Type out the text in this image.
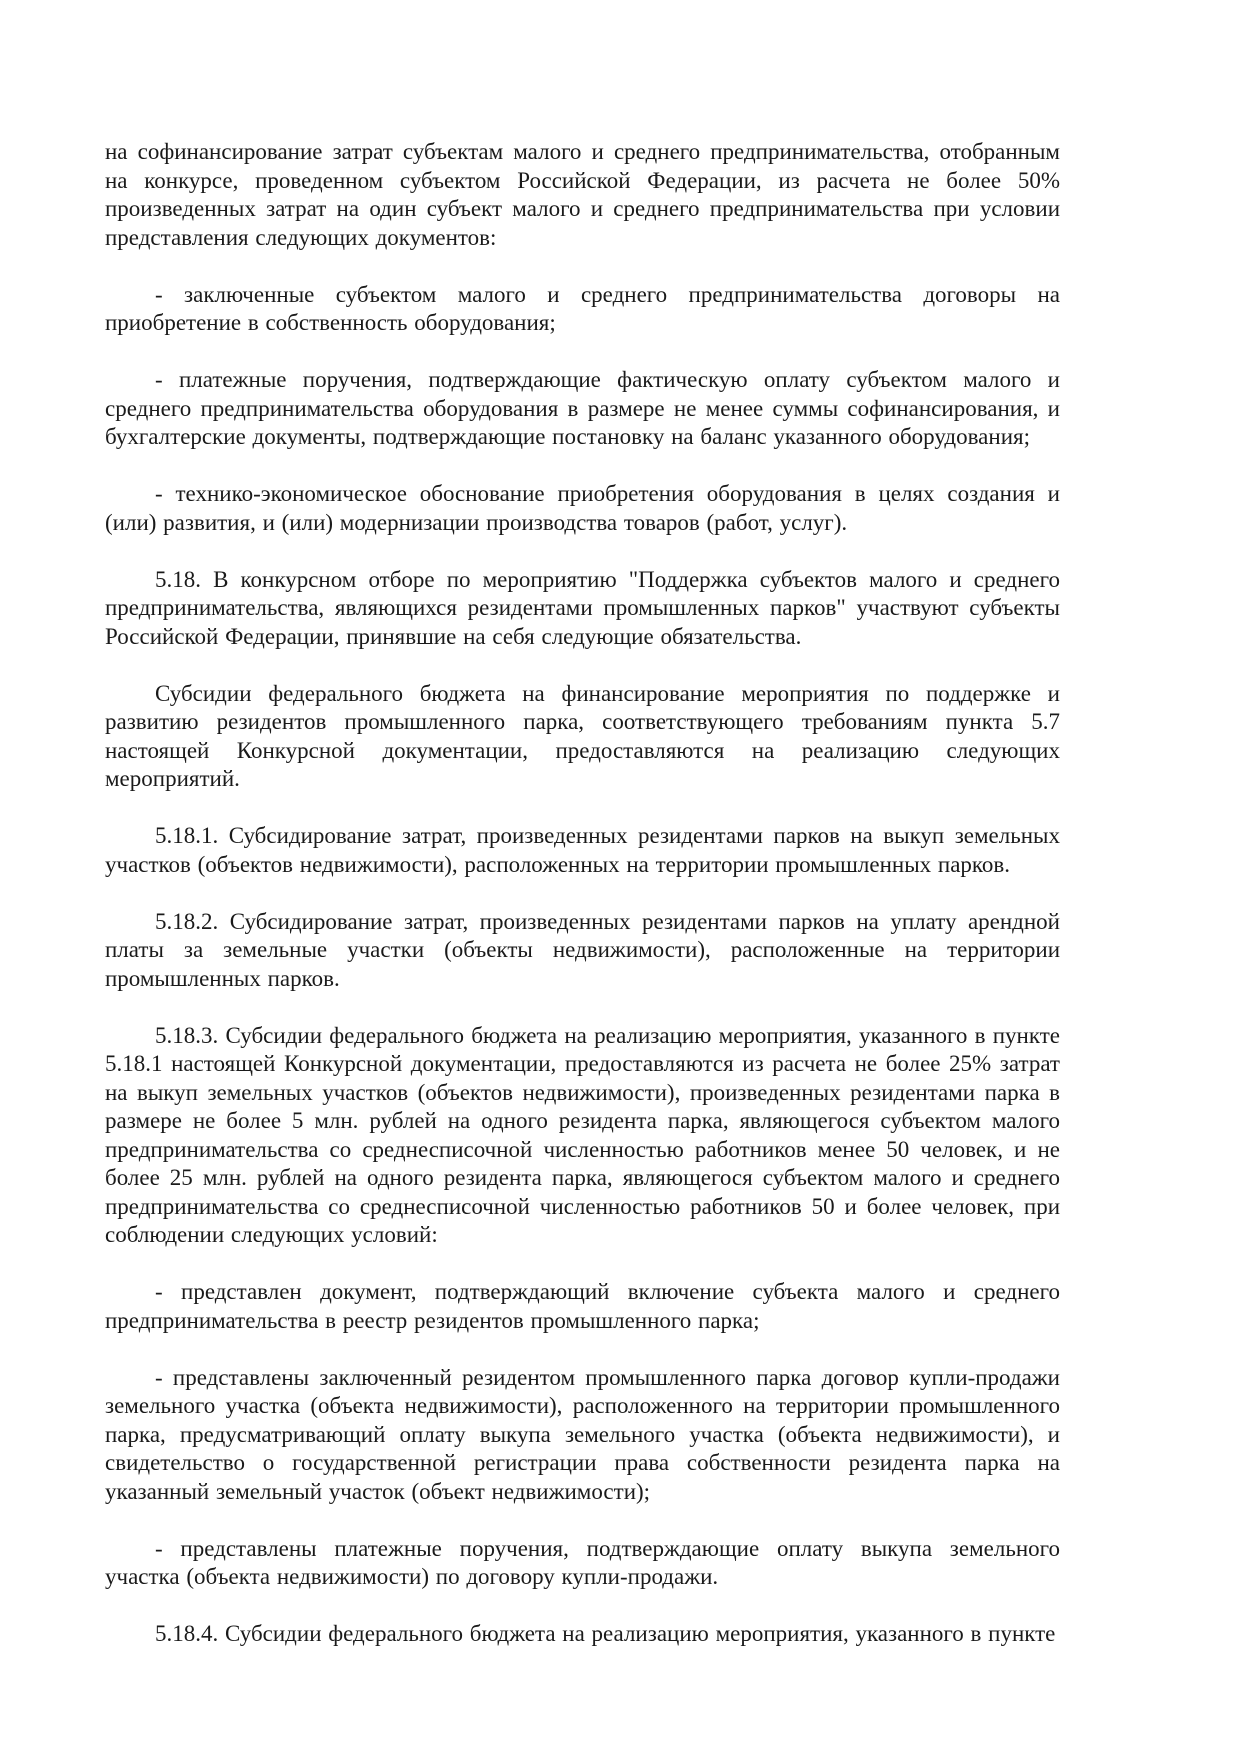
на софинансирование затрат субъектам малого и среднего предпринимательства, отобранным на конкурсе, проведенном субъектом Российской Федерации, из расчета не более 50% произведенных затрат на один субъект малого и среднего предпринимательства при условии представления следующих документов:

- заключенные субъектом малого и среднего предпринимательства договоры на приобретение в собственность оборудования;

- платежные поручения, подтверждающие фактическую оплату субъектом малого и среднего предпринимательства оборудования в размере не менее суммы софинансирования, и бухгалтерские документы, подтверждающие постановку на баланс указанного оборудования;

- технико-экономическое обоснование приобретения оборудования в целях создания и (или) развития, и (или) модернизации производства товаров (работ, услуг).

5.18. В конкурсном отборе по мероприятию "Поддержка субъектов малого и среднего предпринимательства, являющихся резидентами промышленных парков" участвуют субъекты Российской Федерации, принявшие на себя следующие обязательства.

Субсидии федерального бюджета на финансирование мероприятия по поддержке и развитию резидентов промышленного парка, соответствующего требованиям пункта 5.7 настоящей Конкурсной документации, предоставляются на реализацию следующих мероприятий.

5.18.1. Субсидирование затрат, произведенных резидентами парков на выкуп земельных участков (объектов недвижимости), расположенных на территории промышленных парков.

5.18.2. Субсидирование затрат, произведенных резидентами парков на уплату арендной платы за земельные участки (объекты недвижимости), расположенные на территории промышленных парков.

5.18.3. Субсидии федерального бюджета на реализацию мероприятия, указанного в пункте 5.18.1 настоящей Конкурсной документации, предоставляются из расчета не более 25% затрат на выкуп земельных участков (объектов недвижимости), произведенных резидентами парка в размере не более 5 млн. рублей на одного резидента парка, являющегося субъектом малого предпринимательства со среднесписочной численностью работников менее 50 человек, и не более 25 млн. рублей на одного резидента парка, являющегося субъектом малого и среднего предпринимательства со среднесписочной численностью работников 50 и более человек, при соблюдении следующих условий:

- представлен документ, подтверждающий включение субъекта малого и среднего предпринимательства в реестр резидентов промышленного парка;

- представлены заключенный резидентом промышленного парка договор купли-продажи земельного участка (объекта недвижимости), расположенного на территории промышленного парка, предусматривающий оплату выкупа земельного участка (объекта недвижимости), и свидетельство о государственной регистрации права собственности резидента парка на указанный земельный участок (объект недвижимости);

- представлены платежные поручения, подтверждающие оплату выкупа земельного участка (объекта недвижимости) по договору купли-продажи.

5.18.4. Субсидии федерального бюджета на реализацию мероприятия, указанного в пункте
